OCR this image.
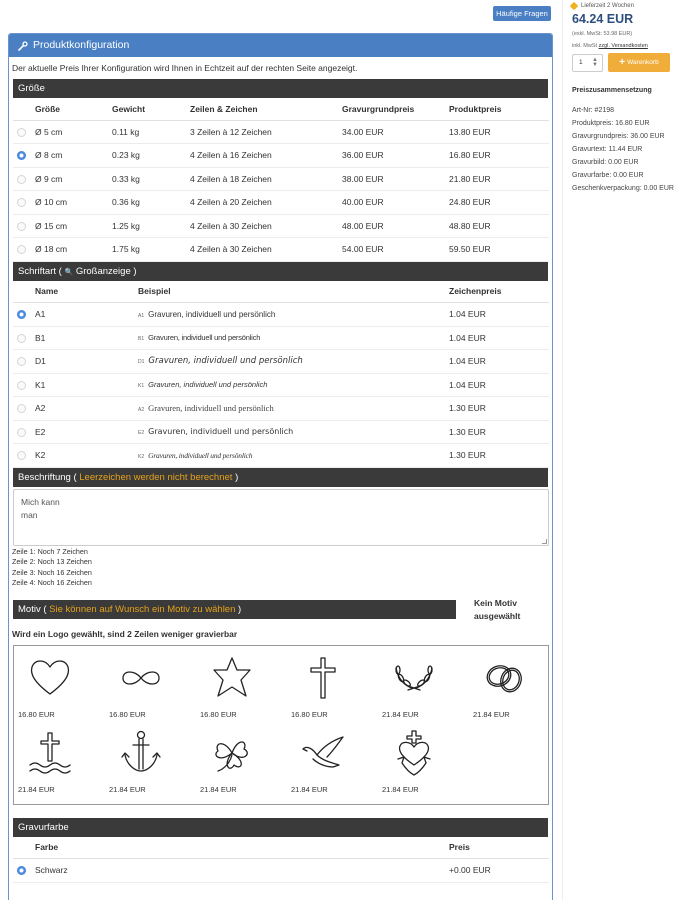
Häufige Fragen
Produktkonfiguration
Der aktuelle Preis Ihrer Konfiguration wird Ihnen in Echtzeit auf der rechten Seite angezeigt.
Größe
	Größe	Gewicht	Zeilen & Zeichen	Gravurgrundpreis	Produktpreis
	Ø 5 cm	0.11 kg	3 Zeilen à 12 Zeichen	34.00 EUR	13.80 EUR
	Ø 8 cm	0.23 kg	4 Zeilen à 16 Zeichen	36.00 EUR	16.80 EUR
	Ø 9 cm	0.33 kg	4 Zeilen à 18 Zeichen	38.00 EUR	21.80 EUR
	Ø 10 cm	0.36 kg	4 Zeilen à 20 Zeichen	40.00 EUR	24.80 EUR
	Ø 15 cm	1.25 kg	4 Zeilen à 30 Zeichen	48.00 EUR	48.80 EUR
	Ø 18 cm	1.75 kg	4 Zeilen à 30 Zeichen	54.00 EUR	59.50 EUR
Schriftart ( 🔍 Großanzeige )
	Name	Beispiel	Zeichenpreis
	A1	A1 Gravuren, individuell und persönlich	1.04 EUR
	B1	B1 Gravuren, individuell und persönlich	1.04 EUR
	D1	D1 Gravuren, individuell und persönlich	1.04 EUR
	K1	K1 Gravuren, individuell und persönlich	1.04 EUR
	A2	A2 Gravuren, individuell und persönlich	1.30 EUR
	E2	E2 Gravuren, individuell und persönlich	1.30 EUR
	K2	K2 Gravuren, individuell und persönlich	1.30 EUR
Beschriftung ( Leerzeichen werden nicht berechnet )
Mich kann
man
Zeile 1: Noch 7 Zeichen
Zeile 2: Noch 13 Zeichen
Zeile 3: Noch 16 Zeichen
Zeile 4: Noch 16 Zeichen
Motiv ( Sie können auf Wunsch ein Motiv zu wählen )
Kein Motiv ausgewählt
Wird ein Logo gewählt, sind 2 Zeilen weniger gravierbar
16.80 EUR	16.80 EUR	16.80 EUR	16.80 EUR	21.84 EUR	21.84 EUR
21.84 EUR	21.84 EUR	21.84 EUR	21.84 EUR	21.84 EUR
Gravurfarbe
	Farbe	Preis
	Schwarz	+0.00 EUR
Lieferzeit 2 Wochen
64.24 EUR
(exkl. MwSt: 53.98 EUR)
inkl. MwSt zzgl. Versandkosten
1 ▲
▼	+ Warenkorb
Preiszusammensetzung
Art-Nr: #2198
Produktpreis: 16.80 EUR
Gravurgrundpreis: 36.00 EUR
Gravurtext: 11.44 EUR
Gravurbild: 0.00 EUR
Gravurfarbe: 0.00 EUR
Geschenkverpackung: 0.00 EUR
